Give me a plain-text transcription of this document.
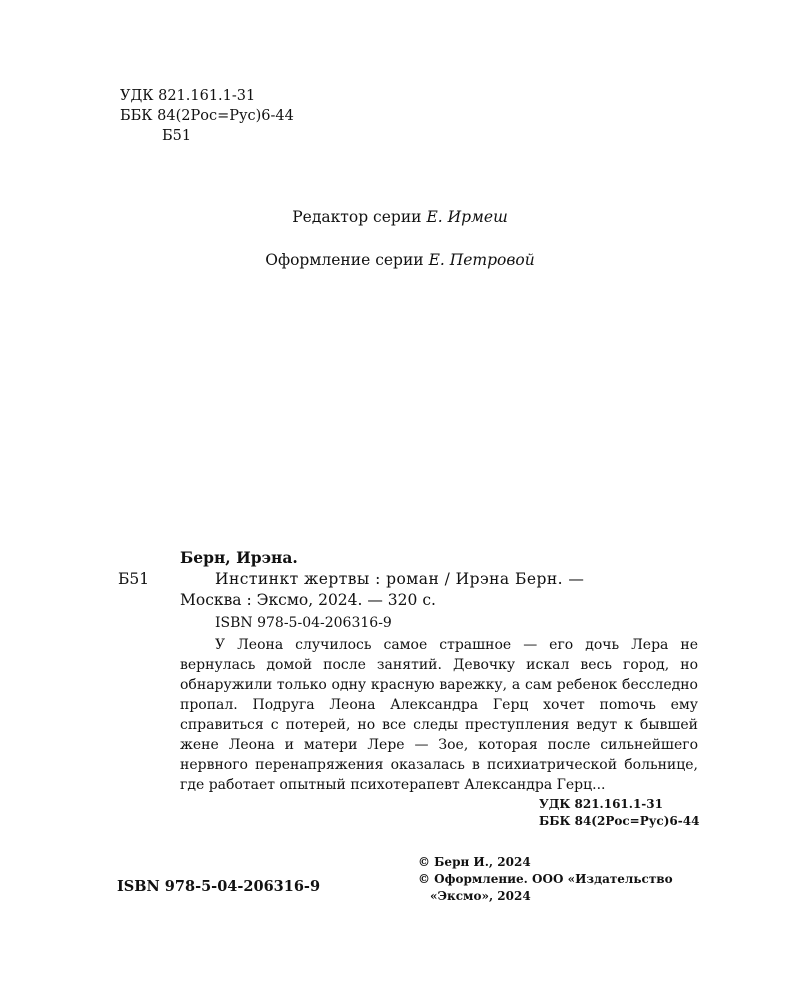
УДК 821.161.1-31
ББК 84(2Рос=Рус)6-44
Б51
Редактор серии Е. Ирмеш
Оформление серии Е. Петровой
Берн, Ирэна.
Б51	Инстинкт жертвы : роман / Ирэна Берн. —
Москва : Эксмо, 2024. — 320 с.
ISBN 978-5-04-206316-9
У Леона случилось самое страшное — его дочь Лера не вернулась домой после занятий. Девочку искал весь город, но обнаружили только одну красную варежку, а сам ребенок бесследно пропал. Подруга Леона Александра Герц хочет поmочь ему справиться с потерей, но все следы преступления ведут к бывшей жене Леона и матери Лере — Зое, которая после сильнейшего нервного перенапряжения оказалась в психиатрической больнице, где работает опытный психотерапевт Александра Герц...
УДК 821.161.1-31
ББК 84(2Рос=Рус)6-44
© Берн И., 2024
© Оформление. ООО «Издательство
«Эксмо», 2024
ISBN 978-5-04-206316-9
